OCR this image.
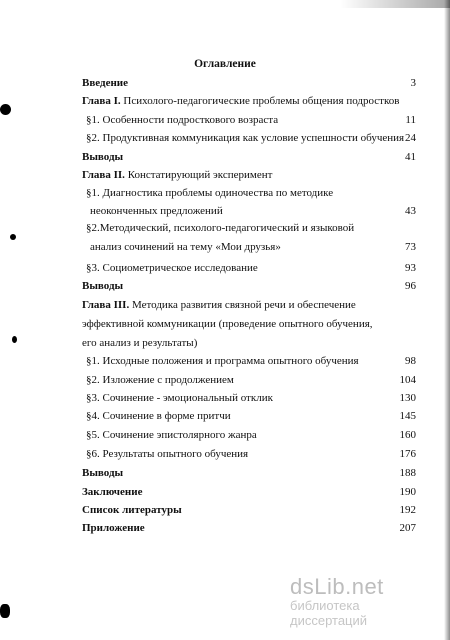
Оглавление
Введение	3
Глава I. Психолого-педагогические проблемы общения подростков
§1. Особенности подросткового возраста	11
§2. Продуктивная коммуникация как условие успешности обучения 24
Выводы	41
Глава II. Констатирующий эксперимент
§1. Диагностика проблемы одиночества по методике
неоконченных предложений	43
§2.Методический, психолого-педагогический и языковой
анализ сочинений на тему «Мои друзья»	73
§3. Социометрическое исследование	93
Выводы	96
Глава III. Методика развития связной речи и обеспечение
эффективной коммуникации (проведение опытного обучения,
его анализ и результаты)
§1. Исходные положения и программа опытного обучения	98
§2. Изложение с продолжением	104
§3. Сочинение - эмоциональный отклик	130
§4. Сочинение в форме притчи	145
§5. Сочинение эпистолярного жанра	160
§6. Результаты опытного обучения	176
Выводы	188
Заключение	190
Список литературы	192
Приложение	207
dsLib.net
библиотека диссертаций
